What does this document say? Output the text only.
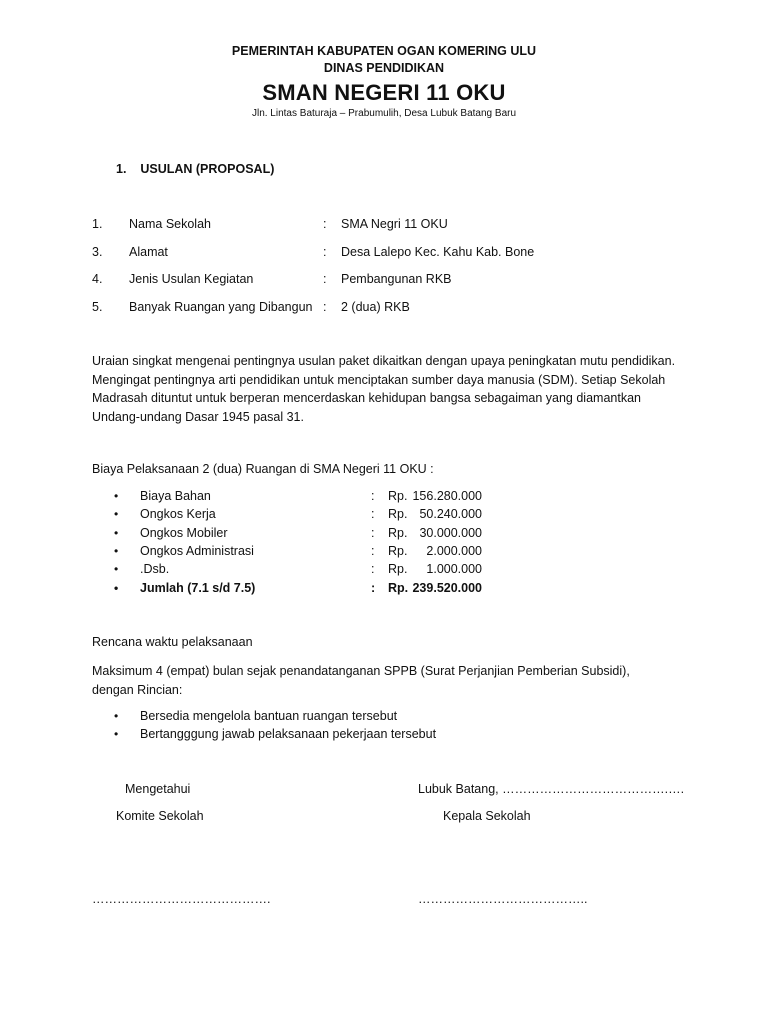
PEMERINTAH KABUPATEN OGAN KOMERING ULU
DINAS PENDIDIKAN
SMAN NEGERI 11 OKU
Jln. Lintas Baturaja – Prabumulih, Desa Lubuk Batang Baru
1. USULAN (PROPOSAL)
1. Nama Sekolah	: SMA Negri 11 OKU
3. Alamat	: Desa Lalepo Kec. Kahu Kab. Bone
4. Jenis Usulan Kegiatan	: Pembangunan RKB
5. Banyak Ruangan yang Dibangun : 2 (dua) RKB
Uraian singkat mengenai pentingnya usulan paket dikaitkan dengan upaya peningkatan mutu pendidikan. Mengingat pentingnya arti pendidikan untuk menciptakan sumber daya manusia (SDM). Setiap Sekolah Madrasah dituntut untuk berperan mencerdaskan kehidupan bangsa sebagaiman yang diamantkan Undang-undang Dasar 1945 pasal 31.
Biaya Pelaksanaan 2 (dua) Ruangan di SMA Negeri 11 OKU :
• Biaya Bahan	: Rp. 156.280.000
• Ongkos Kerja	: Rp. 50.240.000
• Ongkos Mobiler	: Rp. 30.000.000
• Ongkos Administrasi	: Rp.	2.000.000
• .Dsb.	: Rp.	1.000.000
• Jumlah (7.1 s/d 7.5)	: Rp. 239.520.000
Rencana waktu pelaksanaan
Maksimum 4 (empat) bulan sejak penandatanganan SPPB (Surat Perjanjian Pemberian Subsidi), dengan Rincian:
• Bersedia mengelola bantuan ruangan tersebut
• Bertangggung jawab pelaksanaan pekerjaan tersebut
Mengetahui	Lubuk Batang, ………………………………….….
Komite Sekolah	Kepala Sekolah
…………………………………….	…………………………………..
